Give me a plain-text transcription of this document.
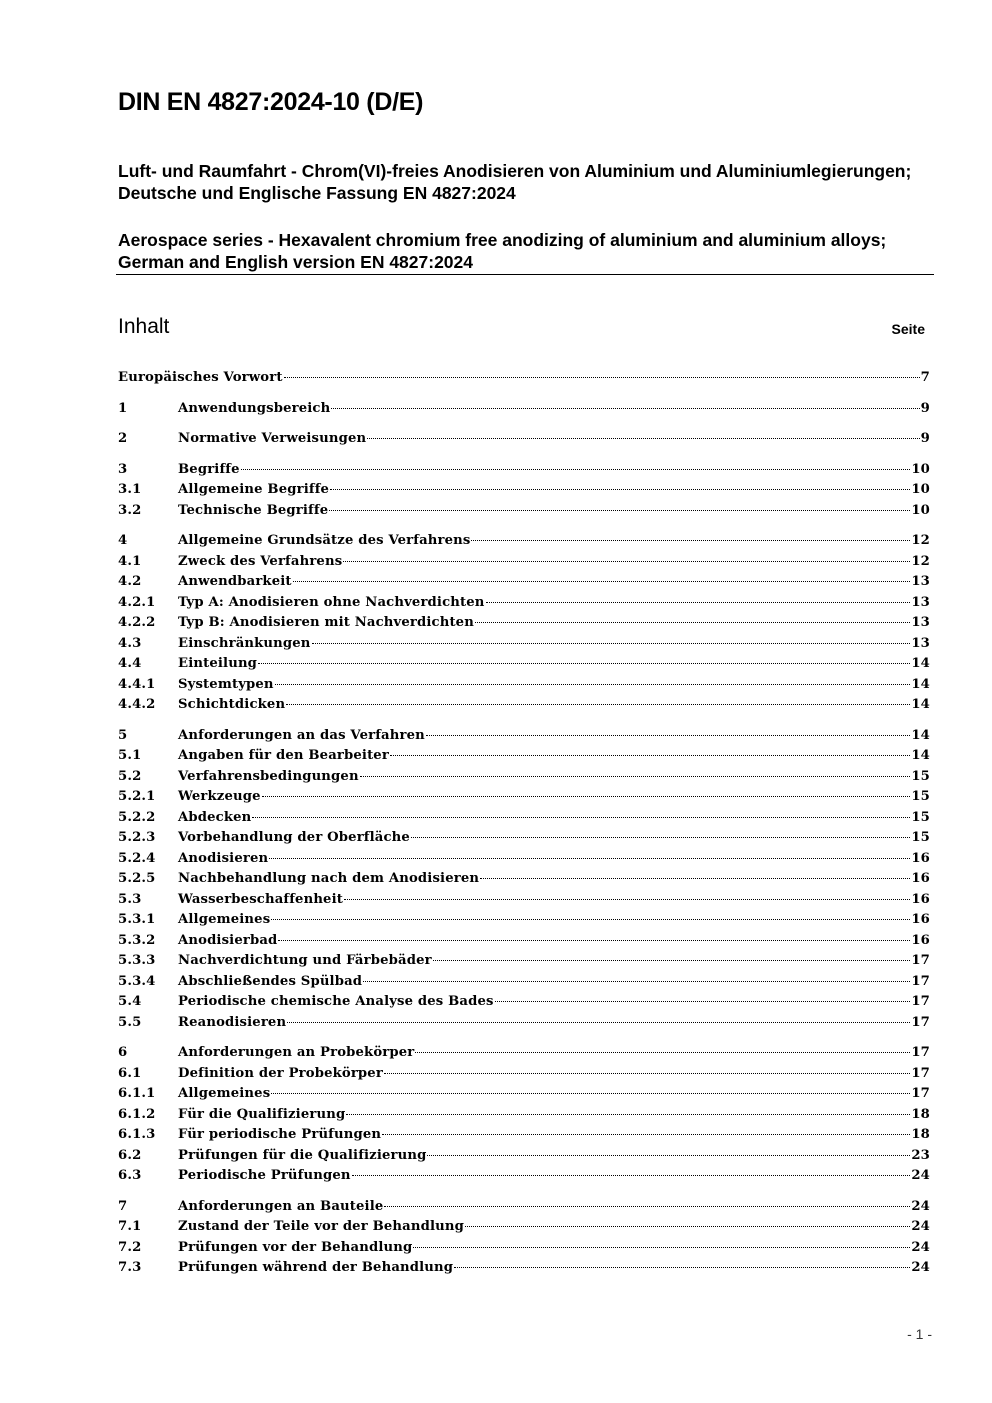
DIN EN 4827:2024-10 (D/E)
Luft- und Raumfahrt - Chrom(VI)-freies Anodisieren von Aluminium und Aluminiumlegierungen; Deutsche und Englische Fassung EN 4827:2024
Aerospace series - Hexavalent chromium free anodizing of aluminium and aluminium alloys; German and English version EN 4827:2024
Inhalt	Seite
Europäisches Vorwort	7
1	Anwendungsbereich	9
2	Normative Verweisungen	9
3	Begriffe	10
3.1	Allgemeine Begriffe	10
3.2	Technische Begriffe	10
4	Allgemeine Grundsätze des Verfahrens	12
4.1	Zweck des Verfahrens	12
4.2	Anwendbarkeit	13
4.2.1	Typ A: Anodisieren ohne Nachverdichten	13
4.2.2	Typ B: Anodisieren mit Nachverdichten	13
4.3	Einschränkungen	13
4.4	Einteilung	14
4.4.1	Systemtypen	14
4.4.2	Schichtdicken	14
5	Anforderungen an das Verfahren	14
5.1	Angaben für den Bearbeiter	14
5.2	Verfahrensbedingungen	15
5.2.1	Werkzeuge	15
5.2.2	Abdecken	15
5.2.3	Vorbehandlung der Oberfläche	15
5.2.4	Anodisieren	16
5.2.5	Nachbehandlung nach dem Anodisieren	16
5.3	Wasserbeschaffenheit	16
5.3.1	Allgemeines	16
5.3.2	Anodisierbad	16
5.3.3	Nachverdichtung und Färbebäder	17
5.3.4	Abschließendes Spülbad	17
5.4	Periodische chemische Analyse des Bades	17
5.5	Reanodisieren	17
6	Anforderungen an Probekörper	17
6.1	Definition der Probekörper	17
6.1.1	Allgemeines	17
6.1.2	Für die Qualifizierung	18
6.1.3	Für periodische Prüfungen	18
6.2	Prüfungen für die Qualifizierung	23
6.3	Periodische Prüfungen	24
7	Anforderungen an Bauteile	24
7.1	Zustand der Teile vor der Behandlung	24
7.2	Prüfungen vor der Behandlung	24
7.3	Prüfungen während der Behandlung	24
- 1 -
